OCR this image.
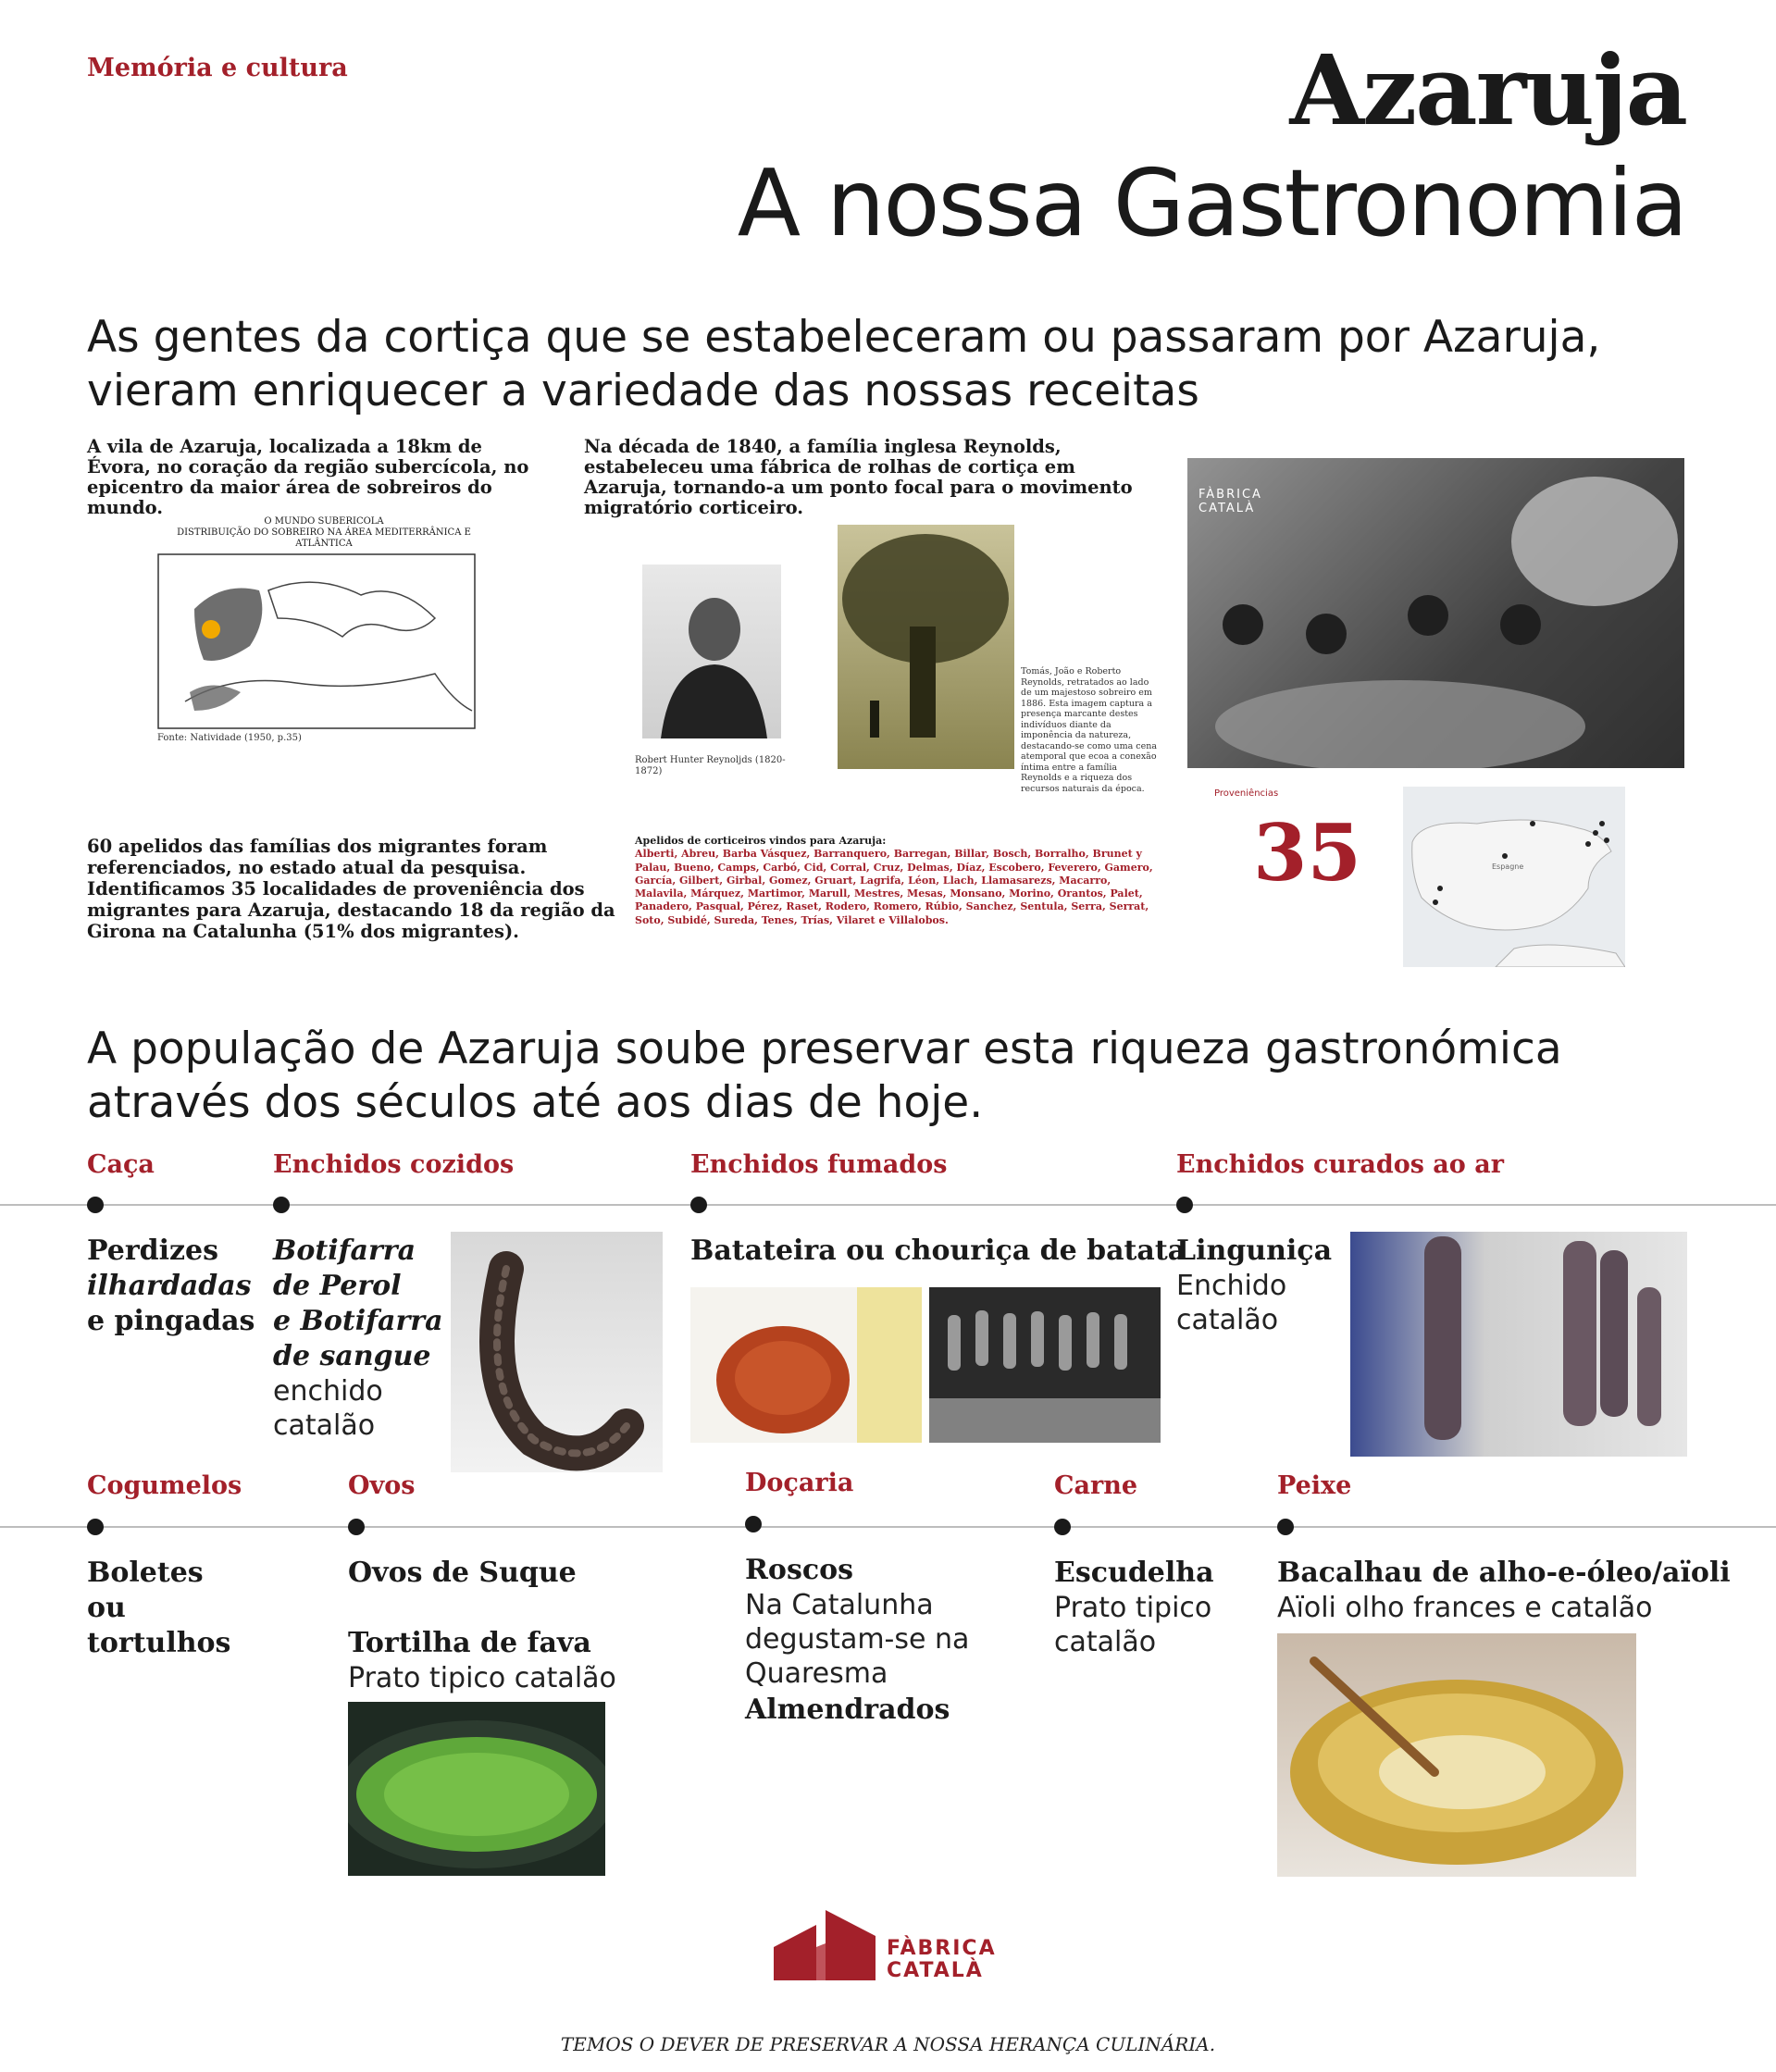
Memória e cultura	Azaruja
A nossa Gastronomia
As gentes da cortiça que se estabeleceram ou passaram por Azaruja, vieram enriquecer a variedade das nossas receitas
A vila de Azaruja, localizada a 18km de Évora, no coração da região subercícola, no epicentro da maior área de sobreiros do mundo.
O MUNDO SUBERICOLA
DISTRIBUIÇÃO DO SOBREIRO NA ÁREA MEDITERRÂNICA E ATLÂNTICA
Fonte: Natividade (1950, p.35)
Na década de 1840, a família inglesa Reynolds, estabeleceu uma fábrica de rolhas de cortiça em Azaruja, tornando-a um ponto focal para o movimento migratório corticeiro.
Robert Hunter Reynoljds (1820-1872)
Tomás, João e Roberto Reynolds, retratados ao lado de um majestoso sobreiro em 1886. Esta imagem captura a presença marcante destes indivíduos diante da imponência da natureza, destacando-se como uma cena atemporal que ecoa a conexão íntima entre a família Reynolds e a riqueza dos recursos naturais da época.
FÀBRICA
CATALÀ
60 apelidos das famílias dos migrantes foram referenciados, no estado atual da pesquisa. Identificamos 35 localidades de proveniência dos migrantes para Azaruja, destacando 18 da região da Girona na Catalunha (51% dos migrantes).
Apelidos de corticeiros vindos para Azaruja:
Alberti, Abreu, Barba Vásquez, Barranquero, Barregan, Billar, Bosch, Borralho, Brunet y Palau, Bueno, Camps, Carbó, Cid, Corral, Cruz, Delmas, Díaz, Escobero, Feverero, Gamero, García, Gilbert, Girbal, Gomez, Gruart, Lagrifa, Léon, Llach, Llamasarezs, Macarro, Malavila, Márquez, Martimor, Marull, Mestres, Mesas, Monsano, Morino, Orantos, Palet, Panadero, Pasqual, Pérez, Raset, Rodero, Romero, Rúbio, Sanchez, Sentula, Serra, Serrat, Soto, Subidé, Sureda, Tenes, Trías, Vilaret e Villalobos.
Proveniências
35	Espagne
A população de Azaruja soube preservar esta riqueza gastronómica através dos séculos até aos dias de hoje.
Caça	Enchidos cozidos	Enchidos fumados	Enchidos curados ao ar
Perdizes
ilhardadas
e pingadas
Botifarra
de Perol
e Botifarra
de sangue
enchido catalão
Batateira ou chouriça de batata
Linguniça
Enchido catalão
Cogumelos	Ovos	Doçaria	Carne	Peixe
Boletes
ou
tortulhos
Ovos de Suque
Tortilha de fava
Prato tipico catalão
Roscos
Na Catalunha degustam-se na Quaresma
Almendrados
Escudelha
Prato tipico catalão
Bacalhau de alho-e-óleo/aïoli
Aïoli olho frances e catalão
FÀBRICA
CATALÀ
TEMOS O DEVER DE PRESERVAR A NOSSA HERANÇA CULINÁRIA.
